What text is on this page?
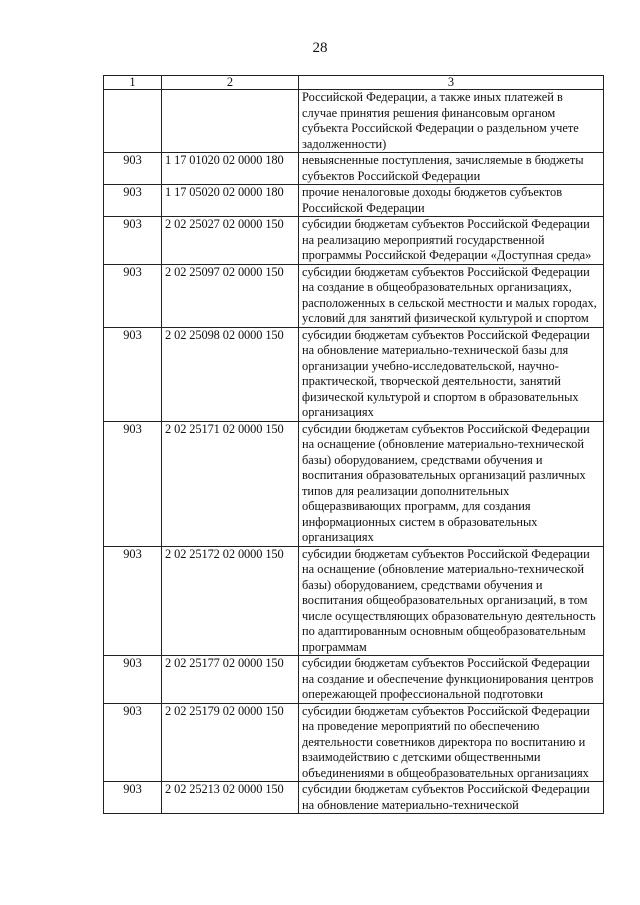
28
1	2	3
		Российской Федерации, а также иных платежей в случае принятия решения финансовым органом субъекта Российской Федерации о раздельном учете задолженности)
903	1 17 01020 02 0000 180	невыясненные поступления, зачисляемые в бюджеты субъектов Российской Федерации
903	1 17 05020 02 0000 180	прочие неналоговые доходы бюджетов субъектов Российской Федерации
903	2 02 25027 02 0000 150	субсидии бюджетам субъектов Российской Федерации на реализацию мероприятий государственной программы Российской Федерации «Доступная среда»
903	2 02 25097 02 0000 150	субсидии бюджетам субъектов Российской Федерации на создание в общеобразовательных организациях, расположенных в сельской местности и малых городах, условий для занятий физической культурой и спортом
903	2 02 25098 02 0000 150	субсидии бюджетам субъектов Российской Федерации на обновление материально-технической базы для организации учебно-исследовательской, научно-практической, творческой деятельности, занятий физической культурой и спортом в образовательных организациях
903	2 02 25171 02 0000 150	субсидии бюджетам субъектов Российской Федерации на оснащение (обновление материально-технической базы) оборудованием, средствами обучения и воспитания образовательных организаций различных типов для реализации дополнительных общеразвивающих программ, для создания информационных систем в образовательных организациях
903	2 02 25172 02 0000 150	субсидии бюджетам субъектов Российской Федерации на оснащение (обновление материально-технической базы) оборудованием, средствами обучения и воспитания общеобразовательных организаций, в том числе осуществляющих образовательную деятельность по адаптированным основным общеобразовательным программам
903	2 02 25177 02 0000 150	субсидии бюджетам субъектов Российской Федерации на создание и обеспечение функционирования центров опережающей профессиональной подготовки
903	2 02 25179 02 0000 150	субсидии бюджетам субъектов Российской Федерации на проведение мероприятий по обеспечению деятельности советников директора по воспитанию и взаимодействию с детскими общественными объединениями в общеобразовательных организациях
903	2 02 25213 02 0000 150	субсидии бюджетам субъектов Российской Федерации на обновление материально-технической
